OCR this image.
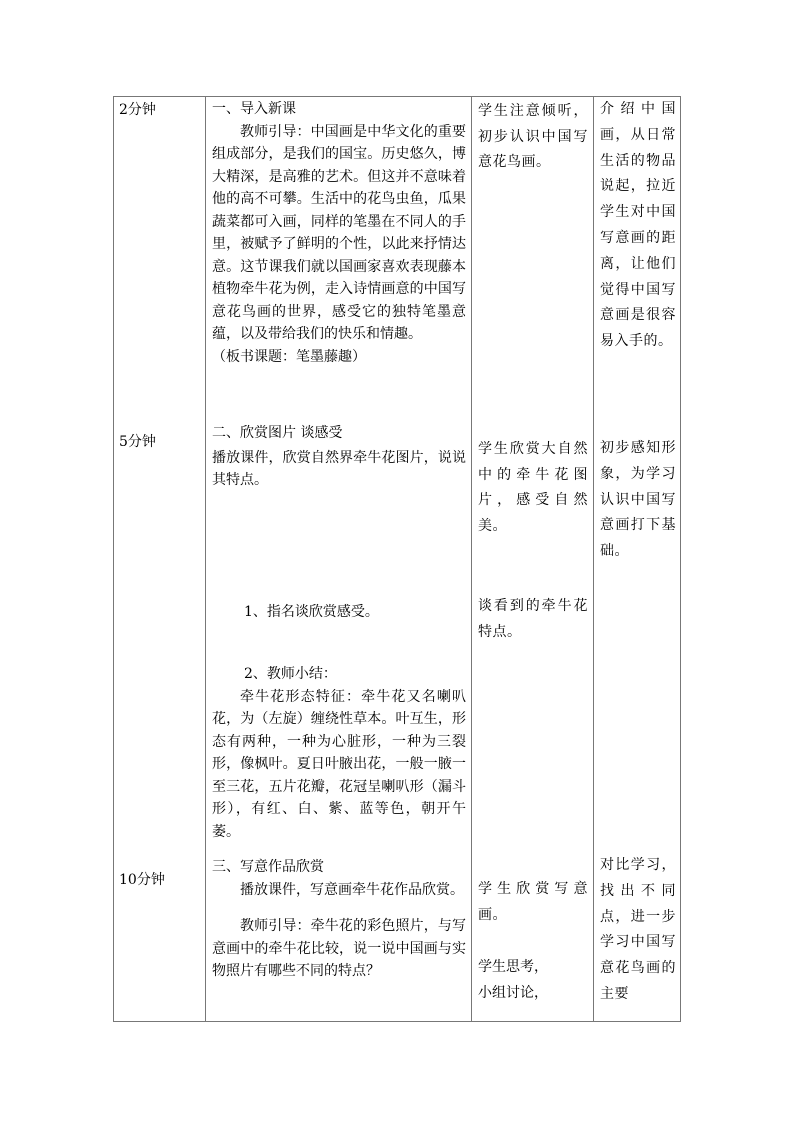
2分钟
5分钟
10分钟

一、导入新课

教师引导：中国画是中华文化的重要组成部分，是我们的国宝。历史悠久，博大精深，是高雅的艺术。但这并不意味着他的高不可攀。生活中的花鸟虫鱼，瓜果蔬菜都可入画，同样的笔墨在不同人的手里，被赋予了鲜明的个性，以此来抒情达意。这节课我们就以国画家喜欢表现藤本植物牵牛花为例，走入诗情画意的中国写意花鸟画的世界，感受它的独特笔墨意蕴，以及带给我们的快乐和情趣。

（板书课题：笔墨藤趣）

二、欣赏图片 谈感受

播放课件，欣赏自然界牵牛花图片，说说其特点。

1、指名谈欣赏感受。

2、教师小结：

牵牛花形态特征：牵牛花又名喇叭花，为（左旋）缠绕性草本。叶互生，形态有两种，一种为心脏形，一种为三裂形，像枫叶。夏日叶腋出花，一般一腋一至三花，五片花瓣，花冠呈喇叭形（漏斗形），有红、白、紫、蓝等色，朝开午萎。

三、写意作品欣赏

播放课件，写意画牵牛花作品欣赏。

教师引导：牵牛花的彩色照片，与写意画中的牵牛花比较，说一说中国画与实物照片有哪些不同的特点？

学生注意倾听，初步认识中国写意花鸟画。
学生欣赏大自然中的牵牛花图片，感受自然美。
谈看到的牵牛花特点。
学生欣赏写意画。
学生思考，
小组讨论，
介绍中国画，从日常生活的物品说起，拉近学生对中国写意画的距离，让他们觉得中国写意画是很容易入手的。
初步感知形象，为学习认识中国写意画打下基础。
对比学习，找出不同点，进一步学习中国写意花鸟画的主要
